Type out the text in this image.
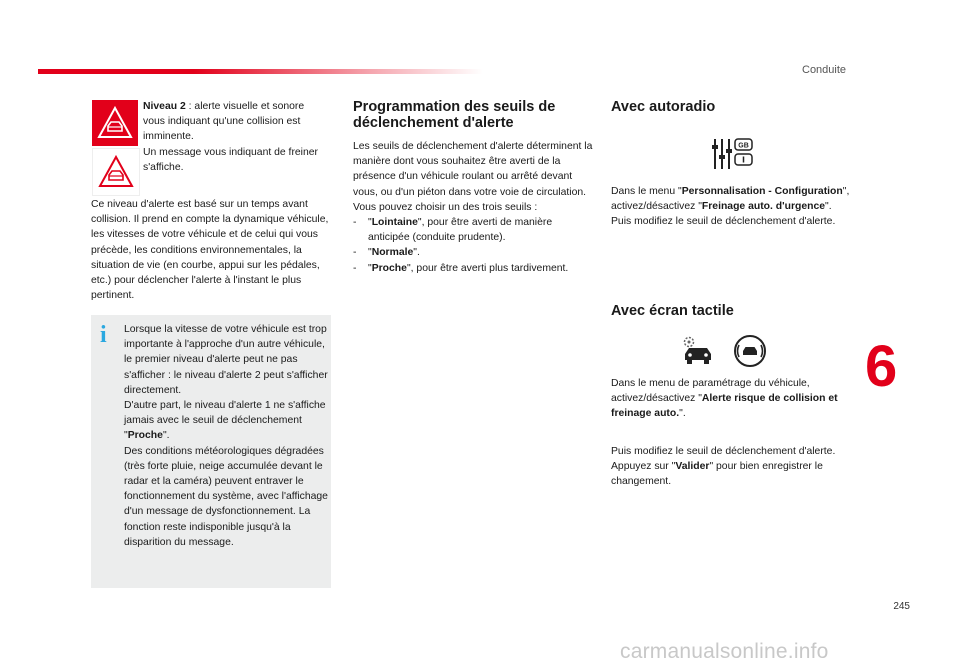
Conduite

Niveau 2 : alerte visuelle et sonore vous indiquant qu'une collision est imminente.

Un message vous indiquant de freiner s'affiche.

Ce niveau d'alerte est basé sur un temps avant collision. Il prend en compte la dynamique véhicule, les vitesses de votre véhicule et de celui qui vous précède, les conditions environnementales, la situation de vie (en courbe, appui sur les pédales, etc.) pour déclencher l'alerte à l'instant le plus pertinent.

i Lorsque la vitesse de votre véhicule est trop importante à l'approche d'un autre véhicule, le premier niveau d'alerte peut ne pas s'afficher : le niveau d'alerte 2 peut s'afficher directement.

D'autre part, le niveau d'alerte 1 ne s'affiche jamais avec le seuil de déclenchement "Proche".

Des conditions météorologiques dégradées (très forte pluie, neige accumulée devant le radar et la caméra) peuvent entraver le fonctionnement du système, avec l'affichage d'un message de dysfonctionnement. La fonction reste indisponible jusqu'à la disparition du message.

Programmation des seuils de déclenchement d'alerte

Les seuils de déclenchement d'alerte déterminent la manière dont vous souhaitez être averti de la présence d'un véhicule roulant ou arrêté devant vous, ou d'un piéton dans votre voie de circulation.

Vous pouvez choisir un des trois seuils :

- "Lointaine", pour être averti de manière anticipée (conduite prudente).
- "Normale".
- "Proche", pour être averti plus tardivement.
Avec autoradio
GB

Dans le menu "Personnalisation - Configuration", activez/désactivez "Freinage auto. d'urgence".

Puis modifiez le seuil de déclenchement d'alerte.

Avec écran tactile

Dans le menu de paramétrage du véhicule, activez/désactivez "Alerte risque de collision et freinage auto.".

Puis modifiez le seuil de déclenchement d'alerte.

Appuyez sur "Valider" pour bien enregistrer le changement.

6
245
carmanualsonline.info
